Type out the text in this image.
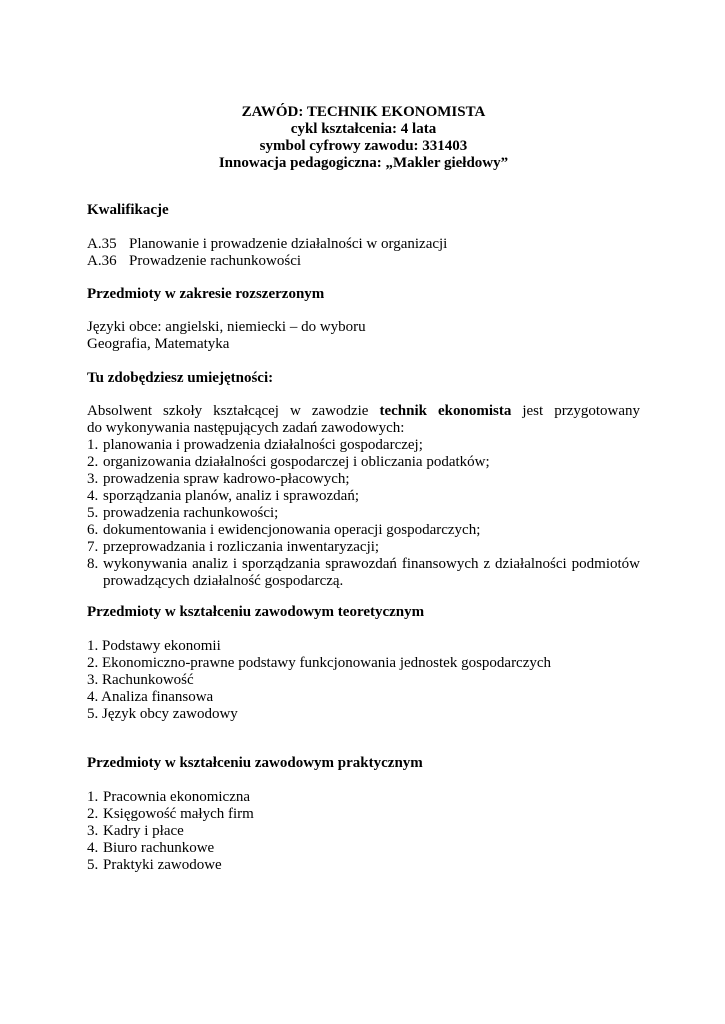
ZAWÓD: TECHNIK EKONOMISTA
cykl kształcenia: 4 lata
symbol cyfrowy zawodu: 331403
Innowacja pedagogiczna: „Makler giełdowy”
Kwalifikacje
A.35 Planowanie i prowadzenie działalności w organizacji
A.36 Prowadzenie rachunkowości
Przedmioty w zakresie rozszerzonym
Języki obce: angielski, niemiecki – do wyboru
Geografia, Matematyka
Tu zdobędziesz umiejętności:
Absolwent szkoły kształcącej w zawodzie technik ekonomista jest przygotowany
do wykonywania następujących zadań zawodowych:
1. planowania i prowadzenia działalności gospodarczej;
2. organizowania działalności gospodarczej i obliczania podatków;
3. prowadzenia spraw kadrowo-płacowych;
4. sporządzania planów, analiz i sprawozdań;
5. prowadzenia rachunkowości;
6. dokumentowania i ewidencjonowania operacji gospodarczych;
7. przeprowadzania i rozliczania inwentaryzacji;
8. wykonywania analiz i sporządzania sprawozdań finansowych z działalności podmiotów prowadzących działalność gospodarczą.
Przedmioty w kształceniu zawodowym teoretycznym
1. Podstawy ekonomii
2. Ekonomiczno-prawne podstawy funkcjonowania jednostek gospodarczych
3. Rachunkowość
4. Analiza finansowa
5. Język obcy zawodowy
Przedmioty w kształceniu zawodowym praktycznym
1. Pracownia ekonomiczna
2. Księgowość małych firm
3. Kadry i płace
4. Biuro rachunkowe
5. Praktyki zawodowe
